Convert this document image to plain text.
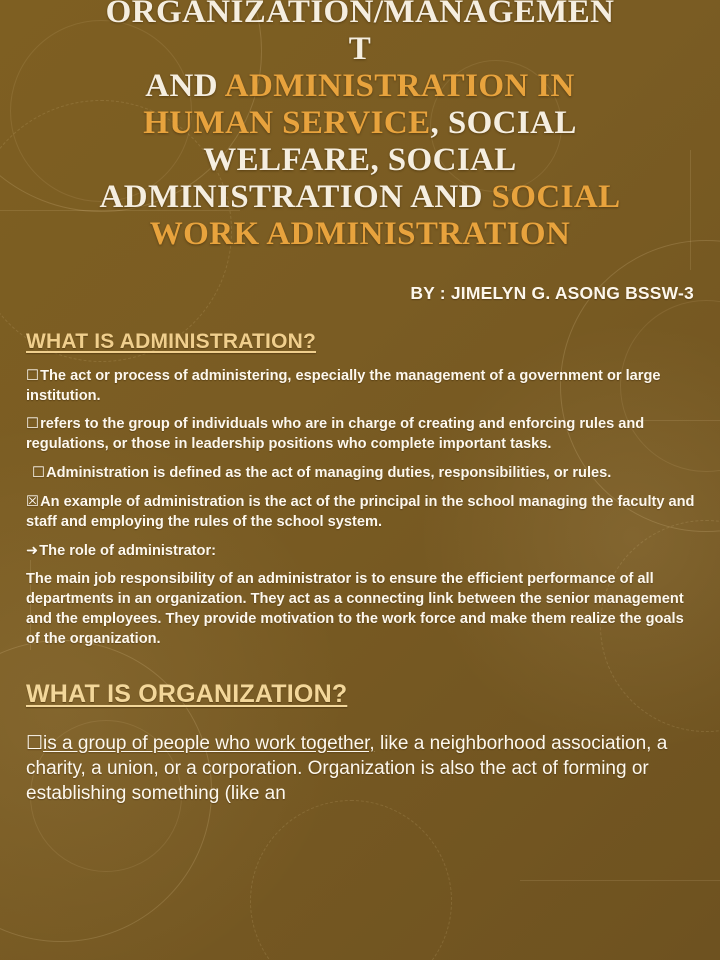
ORGANIZATION/MANAGEMEN
T
AND ADMINISTRATION IN
HUMAN SERVICE, SOCIAL
WELFARE, SOCIAL
ADMINISTRATION AND SOCIAL
WORK ADMINISTRATION
BY : JIMELYN G. ASONG BSSW-3
WHAT IS ADMINISTRATION?

☐The act or process of administering, especially the management of a government or large institution.

☐refers to the group of individuals who are in charge of creating and enforcing rules and regulations, or those in leadership positions who complete important tasks.

☐Administration is defined as the act of managing duties, responsibilities, or rules.

☒An example of administration is the act of the principal in the school managing the faculty and staff and employing the rules of the school system.

➜The role of administrator:

The main job responsibility of an administrator is to ensure the efficient performance of all departments in an organization. They act as a connecting link between the senior management and the employees. They provide motivation to the work force and make them realize the goals of the organization.

WHAT IS ORGANIZATION?

☐is a group of people who work together, like a neighborhood association, a charity, a union, or a corporation. Organization is also the act of forming or establishing something (like an
